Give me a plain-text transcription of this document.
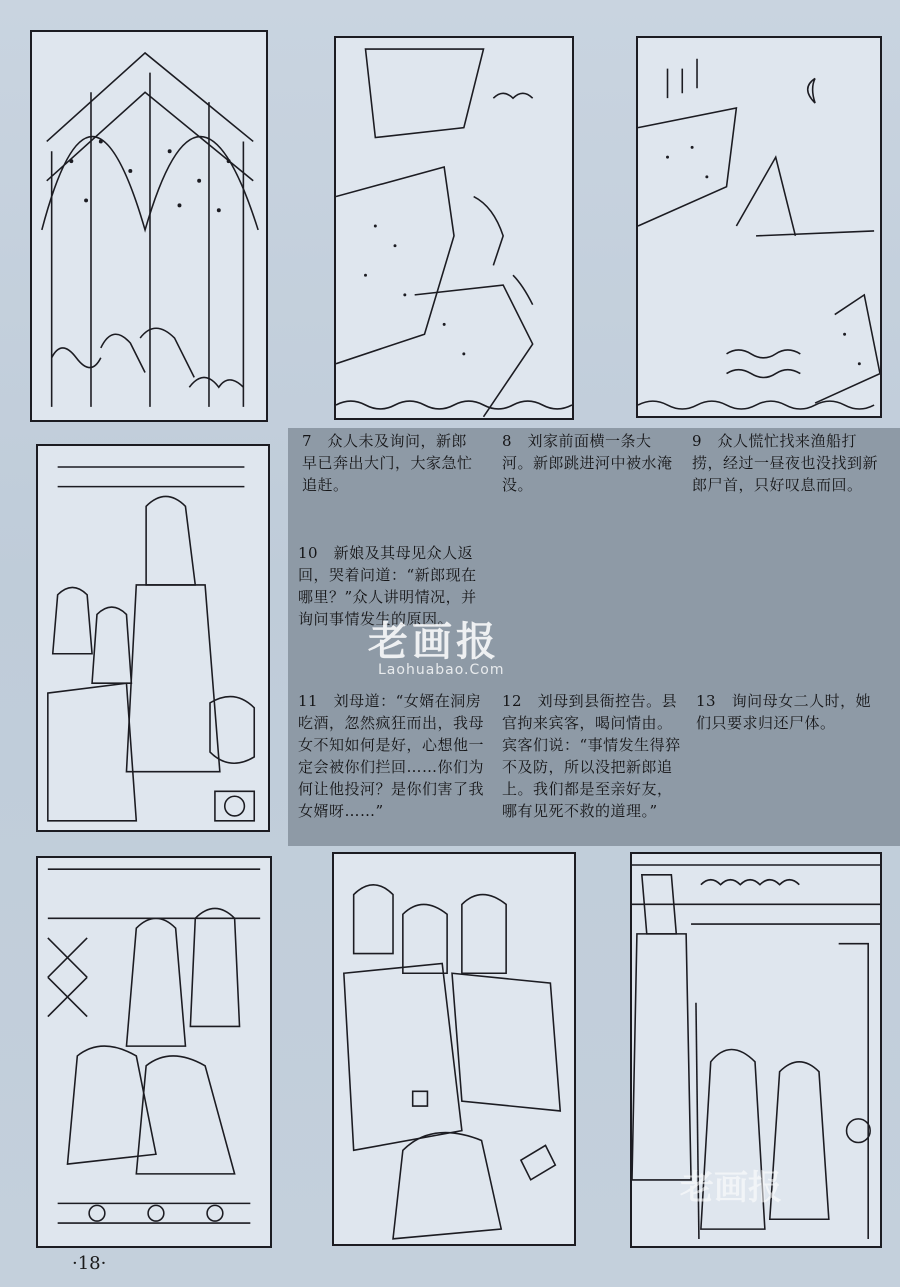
7　众人未及询问，新郎早已奔出大门，大家急忙追赶。

8　刘家前面横一条大河。新郎跳进河中被水淹没。

9　众人慌忙找来渔船打捞，经过一昼夜也没找到新郎尸首，只好叹息而回。

10　新娘及其母见众人返回，哭着问道：“新郎现在哪里？”众人讲明情况，并询问事情发生的原因。

11　刘母道：“女婿在洞房吃酒，忽然疯狂而出，我母女不知如何是好，心想他一定会被你们拦回……你们为何让他投河？是你们害了我女婿呀……”

12　刘母到县衙控告。县官拘来宾客，喝问情由。宾客们说：“事情发生得猝不及防，所以没把新郎追上。我们都是至亲好友，哪有见死不救的道理。”

13　询问母女二人时，她们只要求归还尸体。

老画报
Laohuabao.Com
老画报
·18·
